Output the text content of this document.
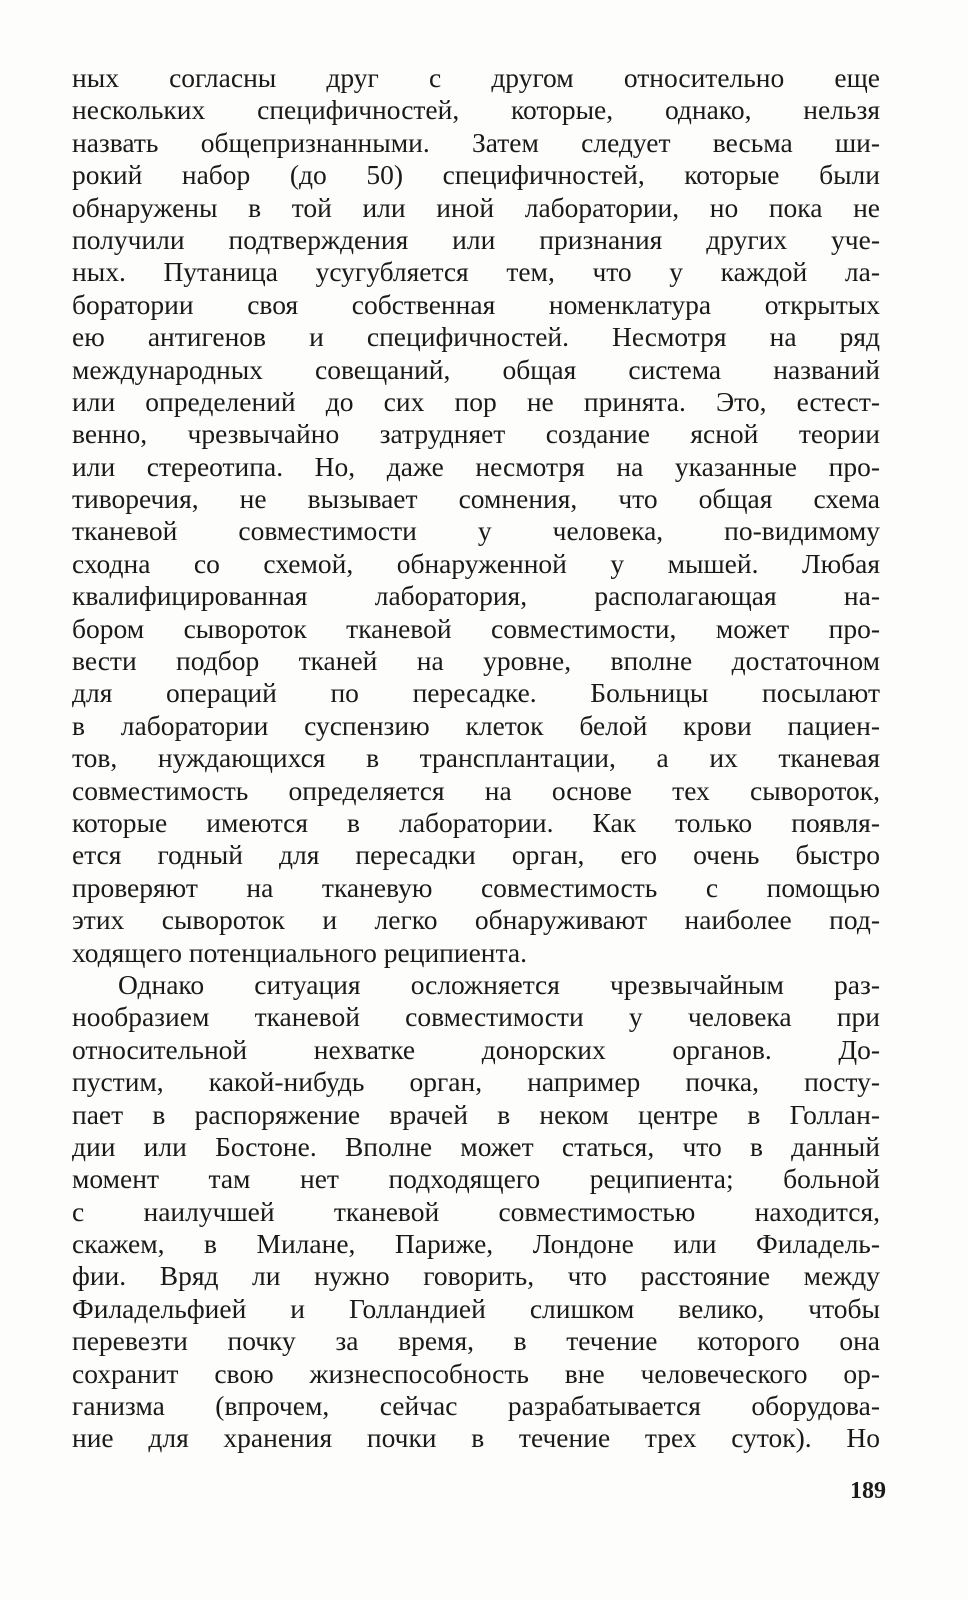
ных согласны друг с другом относительно еще
нескольких специфичностей, которые, однако, нельзя
назвать общепризнанными. Затем следует весьма ши-
рокий набор (до 50) специфичностей, которые были
обнаружены в той или иной лаборатории, но пока не
получили подтверждения или признания других уче-
ных. Путаница усугубляется тем, что у каждой ла-
боратории своя собственная номенклатура открытых
ею антигенов и специфичностей. Несмотря на ряд
международных совещаний, общая система названий
или определений до сих пор не принята. Это, естест-
венно, чрезвычайно затрудняет создание ясной теории
или стереотипа. Но, даже несмотря на указанные про-
тиворечия, не вызывает сомнения, что общая схема
тканевой совместимости у человека, по-видимому
сходна со схемой, обнаруженной у мышей. Любая
квалифицированная лаборатория, располагающая на-
бором сывороток тканевой совместимости, может про-
вести подбор тканей на уровне, вполне достаточном
для операций по пересадке. Больницы посылают
в лаборатории суспензию клеток белой крови пациен-
тов, нуждающихся в трансплантации, а их тканевая
совместимость определяется на основе тех сывороток,
которые имеются в лаборатории. Как только появля-
ется годный для пересадки орган, его очень быстро
проверяют на тканевую совместимость с помощью
этих сывороток и легко обнаруживают наиболее под-
ходящего потенциального реципиента.
Однако ситуация осложняется чрезвычайным раз-
нообразием тканевой совместимости у человека при
относительной нехватке донорских органов. До-
пустим, какой-нибудь орган, например почка, посту-
пает в распоряжение врачей в неком центре в Голлан-
дии или Бостоне. Вполне может статься, что в данный
момент там нет подходящего реципиента; больной
с наилучшей тканевой совместимостью находится,
скажем, в Милане, Париже, Лондоне или Филадель-
фии. Вряд ли нужно говорить, что расстояние между
Филадельфией и Голландией слишком велико, чтобы
перевезти почку за время, в течение которого она
сохранит свою жизнеспособность вне человеческого ор-
ганизма (впрочем, сейчас разрабатывается оборудова-
ние для хранения почки в течение трех суток). Но
189
